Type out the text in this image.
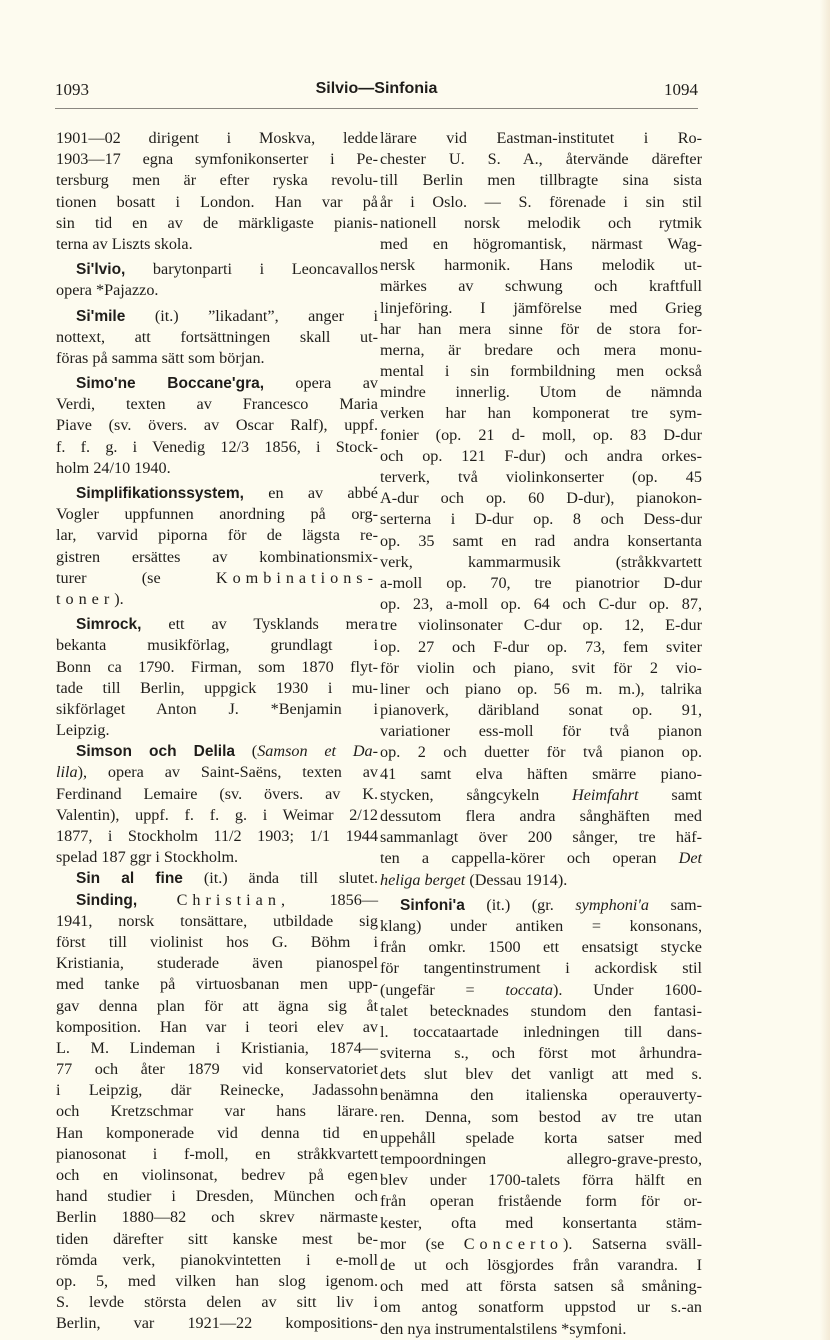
1093	Silvio—Sinfonia	1094
1901—02 dirigent i Moskva, ledde
1903—17 egna symfonikonserter i Pe-
tersburg men är efter ryska revolu-
tionen bosatt i London. Han var på
sin tid en av de märkligaste pianis-
terna av Liszts skola.
Si'lvio, barytonparti i Leoncavallos
opera *Pajazzo.
Si'mile (it.) ”likadant”, anger i
nottext, att fortsättningen skall ut-
föras på samma sätt som början.
Simo'ne Boccane'gra, opera av
Verdi, texten av Francesco Maria
Piave (sv. övers. av Oscar Ralf), uppf.
f. f. g. i Venedig 12/3 1856, i Stock-
holm 24/10 1940.
Simplifikationssystem, en av abbé
Vogler uppfunnen anordning på org-
lar, varvid piporna för de lägsta re-
gistren ersättes av kombinationsmix-
turer (se Kombinations-
toner).
Simrock, ett av Tysklands mera
bekanta musikförlag, grundlagt i
Bonn ca 1790. Firman, som 1870 flyt-
tade till Berlin, uppgick 1930 i mu-
sikförlaget Anton J. *Benjamin i
Leipzig.
Simson och Delila (Samson et Da-
lila), opera av Saint-Saëns, texten av
Ferdinand Lemaire (sv. övers. av K.
Valentin), uppf. f. f. g. i Weimar 2/12
1877, i Stockholm 11/2 1903; 1/1 1944
spelad 187 ggr i Stockholm.
Sin al fine (it.) ända till slutet.
Sinding, Christian, 1856—
1941, norsk tonsättare, utbildade sig
först till violinist hos G. Böhm i
Kristiania, studerade även pianospel
med tanke på virtuosbanan men upp-
gav denna plan för att ägna sig åt
komposition. Han var i teori elev av
L. M. Lindeman i Kristiania, 1874—
77 och åter 1879 vid konservatoriet
i Leipzig, där Reinecke, Jadassohn
och Kretzschmar var hans lärare.
Han komponerade vid denna tid en
pianosonat i f-moll, en stråkkvartett
och en violinsonat, bedrev på egen
hand studier i Dresden, München och
Berlin 1880—82 och skrev närmaste
tiden därefter sitt kanske mest be-
römda verk, pianokvintetten i e-moll
op. 5, med vilken han slog igenom.
S. levde största delen av sitt liv i
Berlin, var 1921—22 kompositions-
lärare vid Eastman-institutet i Ro-
chester U. S. A., återvände därefter
till Berlin men tillbragte sina sista
år i Oslo. — S. förenade i sin stil
nationell norsk melodik och rytmik
med en högromantisk, närmast Wag-
nersk harmonik. Hans melodik ut-
märkes av schwung och kraftfull
linjeföring. I jämförelse med Grieg
har han mera sinne för de stora for-
merna, är bredare och mera monu-
mental i sin formbildning men också
mindre innerlig. Utom de nämnda
verken har han komponerat tre sym-
fonier (op. 21 d- moll, op. 83 D-dur
och op. 121 F-dur) och andra orkes-
terverk, två violinkonserter (op. 45
A-dur och op. 60 D-dur), pianokon-
serterna i D-dur op. 8 och Dess-dur
op. 35 samt en rad andra konsertanta
verk, kammarmusik (stråkkvartett
a-moll op. 70, tre pianotrior D-dur
op. 23, a-moll op. 64 och C-dur op. 87,
tre violinsonater C-dur op. 12, E-dur
op. 27 och F-dur op. 73, fem sviter
för violin och piano, svit för 2 vio-
liner och piano op. 56 m. m.), talrika
pianoverk, däribland sonat op. 91,
variationer ess-moll för två pianon
op. 2 och duetter för två pianon op.
41 samt elva häften smärre piano-
stycken, sångcykeln Heimfahrt samt
dessutom flera andra sånghäften med
sammanlagt över 200 sånger, tre häf-
ten a cappella-körer och operan Det
heliga berget (Dessau 1914).
Sinfoni'a (it.) (gr. symphoni'a sam-
klang) under antiken = konsonans,
från omkr. 1500 ett ensatsigt stycke
för tangentinstrument i ackordisk stil
(ungefär = toccata). Under 1600-
talet betecknades stundom den fantasi-
l. toccataartade inledningen till dans-
sviterna s., och först mot århundra-
dets slut blev det vanligt att med s.
benämna den italienska operauverty-
ren. Denna, som bestod av tre utan
uppehåll spelade korta satser med
tempoordningen allegro-grave-presto,
blev under 1700-talets förra hälft en
från operan fristående form för or-
kester, ofta med konsertanta stäm-
mor (se Concerto). Satserna sväll-
de ut och lösgjordes från varandra. I
och med att första satsen så småning-
om antog sonatform uppstod ur s.-an
den nya instrumentalstilens *symfoni.
